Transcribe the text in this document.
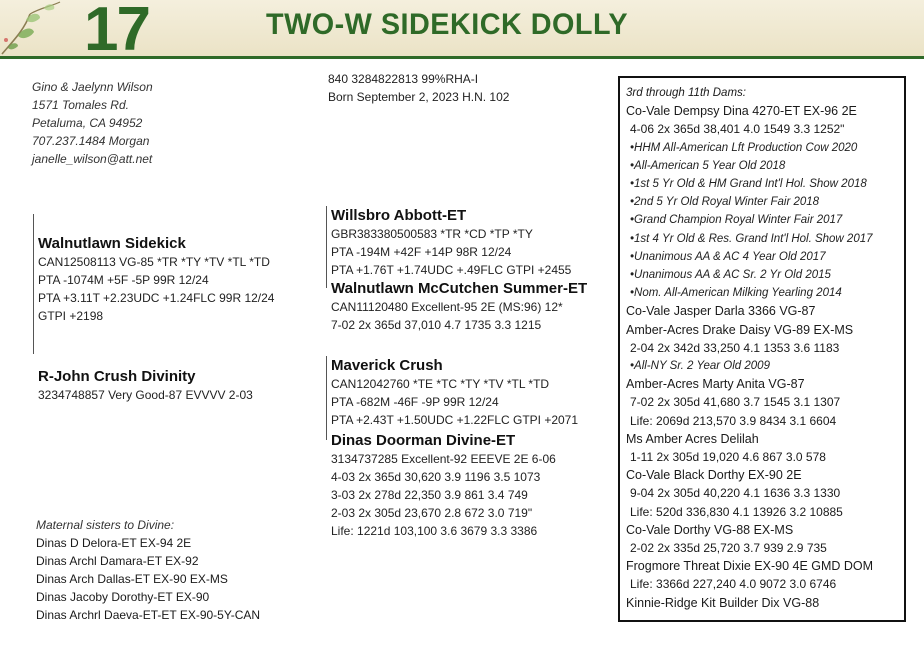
17	TWO-W SIDEKICK DOLLY
Gino & Jaelynn Wilson
1571 Tomales Rd.
Petaluma, CA 94952
707.237.1484 Morgan
janelle_wilson@att.net
840 3284822813 99%RHA-I
Born September 2, 2023 H.N. 102
Walnutlawn Sidekick
CAN12508113 VG-85 *TR *TY *TV *TL *TD
PTA -1074M +5F -5P 99R 12/24
PTA +3.11T +2.23UDC +1.24FLC 99R 12/24
GTPI +2198
R-John Crush Divinity
3234748857 Very Good-87 EVVVV 2-03
Willsbro Abbott-ET
GBR383380500583 *TR *CD *TP *TY
PTA -194M +42F +14P 98R 12/24
PTA +1.76T +1.74UDC +.49FLC GTPI +2455
Walnutlawn McCutchen Summer-ET
CAN11120480 Excellent-95 2E (MS:96) 12*
7-02 2x 365d 37,010 4.7 1735 3.3 1215
Maverick Crush
CAN12042760 *TE *TC *TY *TV *TL *TD
PTA -682M -46F -9P 99R 12/24
PTA +2.43T +1.50UDC +1.22FLC GTPI +2071
Dinas Doorman Divine-ET
3134737285 Excellent-92 EEEVE 2E 6-06
4-03 2x 365d 30,620 3.9 1196 3.5 1073
3-03 2x 278d 22,350 3.9 861 3.4 749
2-03 2x 305d 23,670 2.8 672 3.0 719"
Life: 1221d 103,100 3.6 3679 3.3 3386
Maternal sisters to Divine:
Dinas D Delora-ET EX-94 2E
Dinas Archl Damara-ET EX-92
Dinas Arch Dallas-ET EX-90 EX-MS
Dinas Jacoby Dorothy-ET EX-90
Dinas Archrl Daeva-ET-ET EX-90-5Y-CAN
3rd through 11th Dams:
Co-Vale Dempsy Dina 4270-ET EX-96 2E
4-06 2x 365d 38,401 4.0 1549 3.3 1252"
•HHM All-American Lft Production Cow 2020
•All-American 5 Year Old 2018
•1st 5 Yr Old & HM Grand Int'l Hol. Show 2018
•2nd 5 Yr Old Royal Winter Fair 2018
•Grand Champion Royal Winter Fair 2017
•1st 4 Yr Old & Res. Grand Int'l Hol. Show 2017
•Unanimous AA & AC 4 Year Old 2017
•Unanimous AA & AC Sr. 2 Yr Old 2015
•Nom. All-American Milking Yearling 2014
Co-Vale Jasper Darla 3366 VG-87
Amber-Acres Drake Daisy VG-89 EX-MS
2-04 2x 342d 33,250 4.1 1353 3.6 1183
•All-NY Sr. 2 Year Old 2009
Amber-Acres Marty Anita VG-87
7-02 2x 305d 41,680 3.7 1545 3.1 1307
Life: 2069d 213,570 3.9 8434 3.1 6604
Ms Amber Acres Delilah
1-11 2x 305d 19,020 4.6 867 3.0 578
Co-Vale Black Dorthy EX-90 2E
9-04 2x 305d 40,220 4.1 1636 3.3 1330
Life: 520d 336,830 4.1 13926 3.2 10885
Co-Vale Dorthy VG-88 EX-MS
2-02 2x 335d 25,720 3.7 939 2.9 735
Frogmore Threat Dixie EX-90 4E GMD DOM
Life: 3366d 227,240 4.0 9072 3.0 6746
Kinnie-Ridge Kit Builder Dix VG-88
